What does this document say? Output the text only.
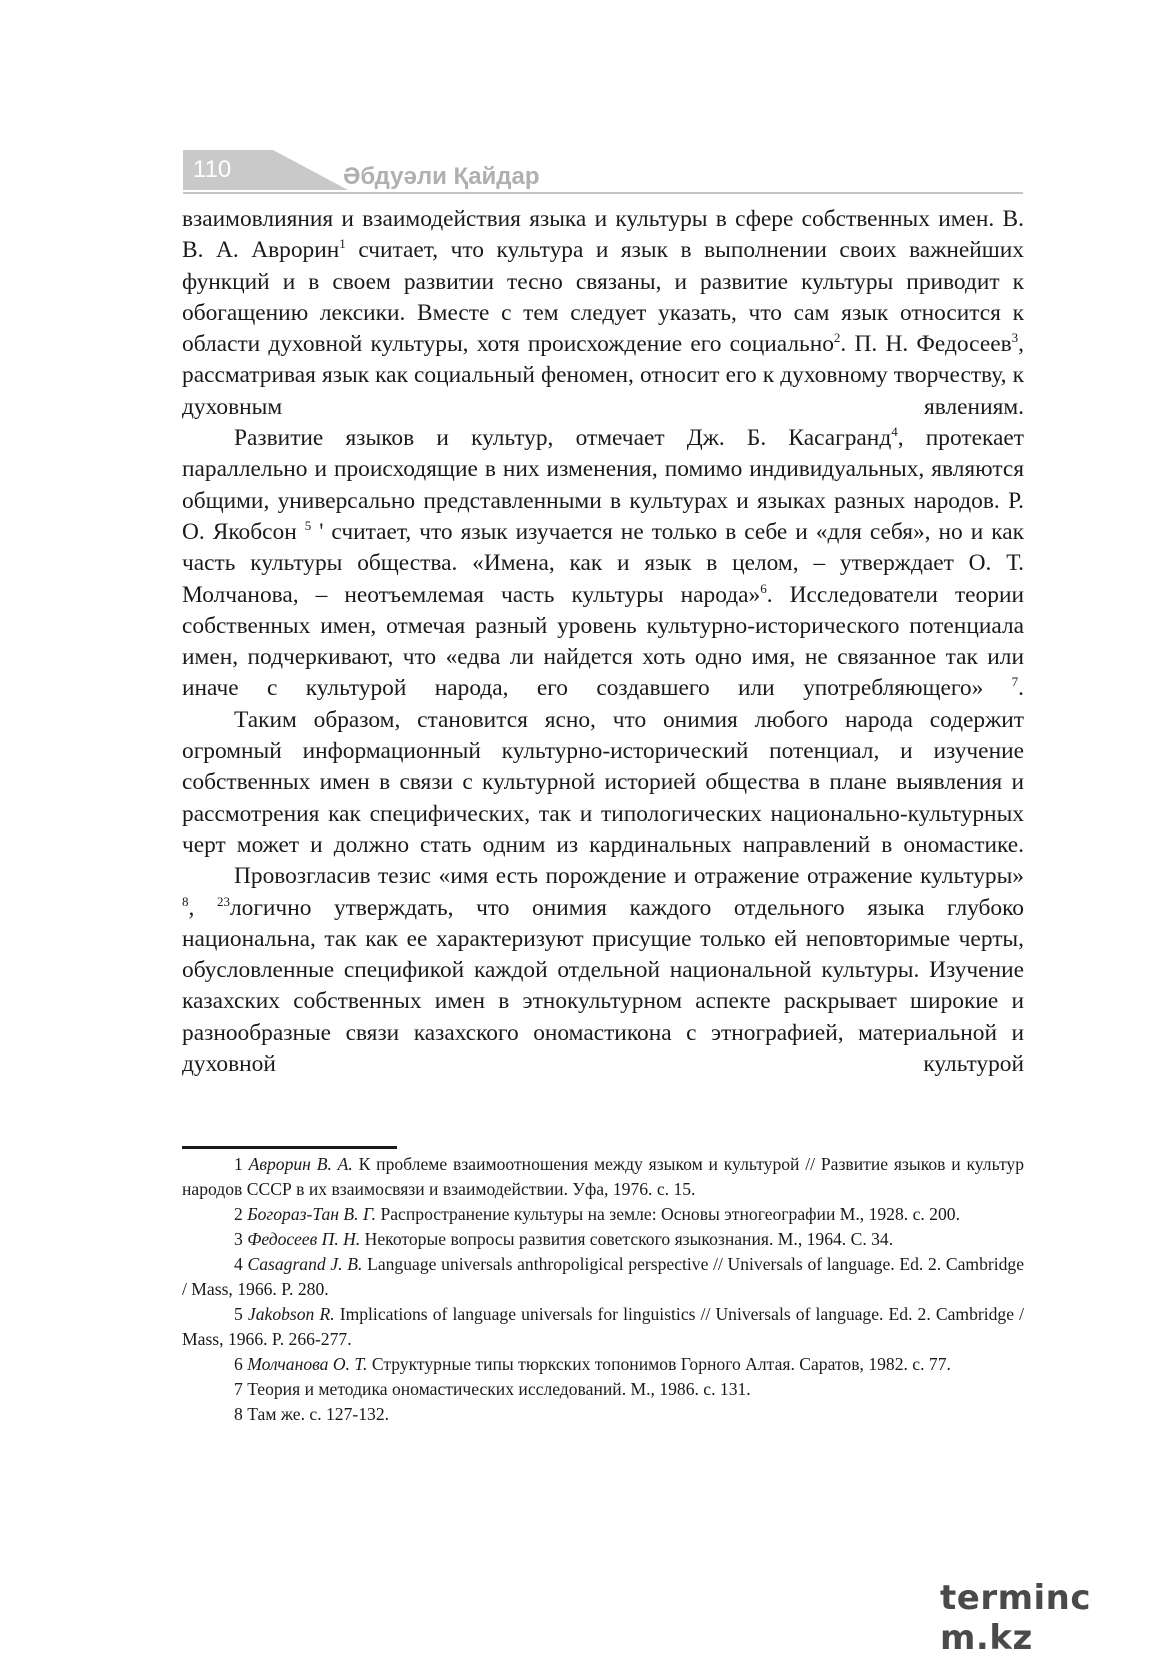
110	Әбдуәли Қайдар

взаимовлияния и взаимодействия языка и культуры в сфере собственных имен. В. В. А. Аврорин$^1$ считает, что культура и язык в выполнении своих важнейших функций и в своем развитии тесно связаны, и развитие культуры приводит к обогащению лексики. Вместе с тем следует указать, что сам язык относится к области духовной культуры, хотя происхождение его социально$^2$. П. Н. Федосеев$^3$, рассматривая язык как социальный феномен, относит его к духовному творчеству, к духовным явлениям.

Развитие языков и культур, отмечает Дж. Б. Касагранд$^4$, протекает параллельно и происходящие в них изменения, помимо индивидуальных, являются общими, универсально представленными в культурах и языках разных народов. Р. О. Якобсон $^5$ ' считает, что язык изучается не только в себе и «для себя», но и как часть культуры общества. «Имена, как и язык в целом, – утверждает О. Т. Молчанова, – неотъемлемая часть культуры народа»$^6$. Исследователи теории собственных имен, отмечая разный уровень культурно-исторического потенциала имен, подчеркивают, что «едва ли найдется хоть одно имя, не связанное так или иначе с культурой народа, его создавшего или употребляющего» $^7$.

Таким образом, становится ясно, что онимия любого народа содержит огромный информационный культурно-исторический потенциал, и изучение собственных имен в связи с культурной историей общества в плане выявления и рассмотрения как специфических, так и типологических национально-культурных черт может и должно стать одним из кардинальных направлений в ономастике.

Провозгласив тезис «имя есть порождение и отражение отражение культуры» $^8$, $^{23}$логично утверждать, что онимия каждого отдельного языка глубоко национальна, так как ее характеризуют присущие только ей неповторимые черты, обусловленные спецификой каждой отдельной национальной культуры. Изучение казахских собственных имен в этнокультурном аспекте раскрывает широкие и разнообразные связи казахского ономастикона с этнографией, материальной и духовной культурой

1 Аврорин В. А. К проблеме взаимоотношения между языком и культурой // Развитие языков и культур народов СССР в их взаимосвязи и взаимодействии. Уфа, 1976. с. 15.

2 Богораз-Тан В. Г. Распространение культуры на земле: Основы этногеографии М., 1928. с. 200.

3 Федосеев П. Н. Некоторые вопросы развития советского языкознания. М., 1964. С. 34.

4 Casagrand J. B. Language universals anthropoligical perspective // Universals of language. Ed. 2. Cambridge / Mass, 1966. P. 280.

5 Jakobson R. Implications of language universals for linguistics // Universals of language. Ed. 2. Cambridge / Mass, 1966. P. 266-277.

6 Молчанова О. Т. Структурные типы тюркских топонимов Горного Алтая. Саратов, 1982. с. 77.

7 Теория и методика ономастических исследований. М., 1986. с. 131.

8 Там же. с. 127-132.

terminc m.kz
